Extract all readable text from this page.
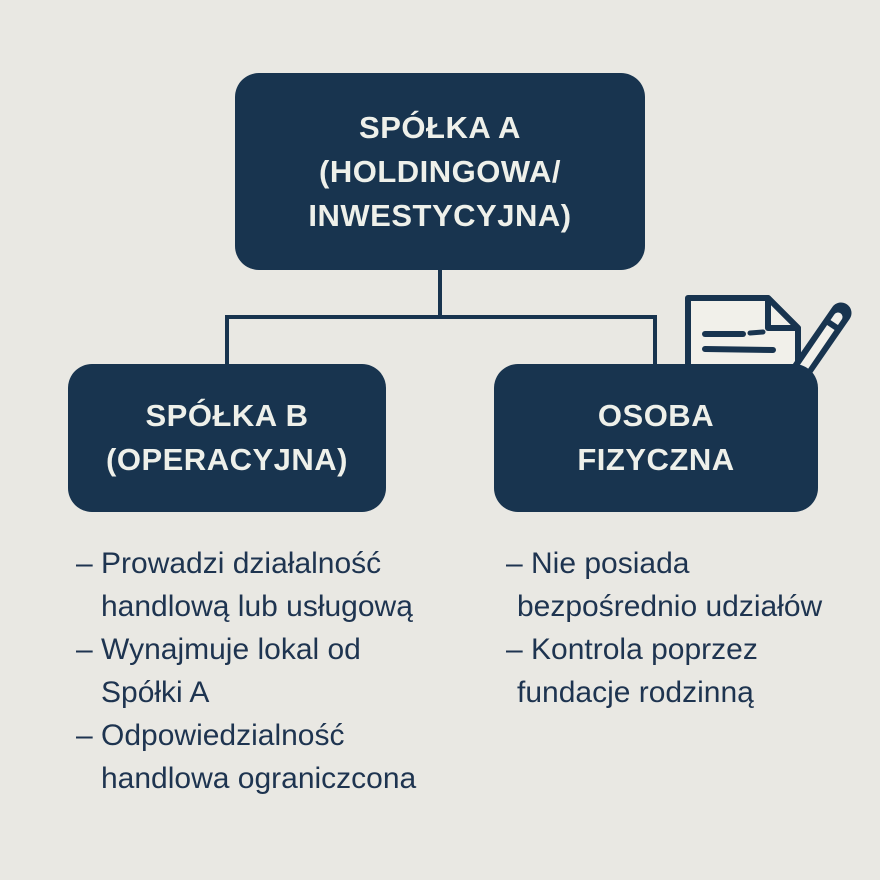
SPÓŁKA A
(HOLDINGOWA/
INWESTYCYJNA)
SPÓŁKA B
(OPERACYJNA)
OSOBA
FIZYCZNA
– Prowadzi działalność
handlową lub usługową
– Wynajmuje lokal od
Spółki A
– Odpowiedzialność
handlowa ograniczcona
– Nie posiada
bezpośrednio udziałów
– Kontrola poprzez
fundacje rodzinną
